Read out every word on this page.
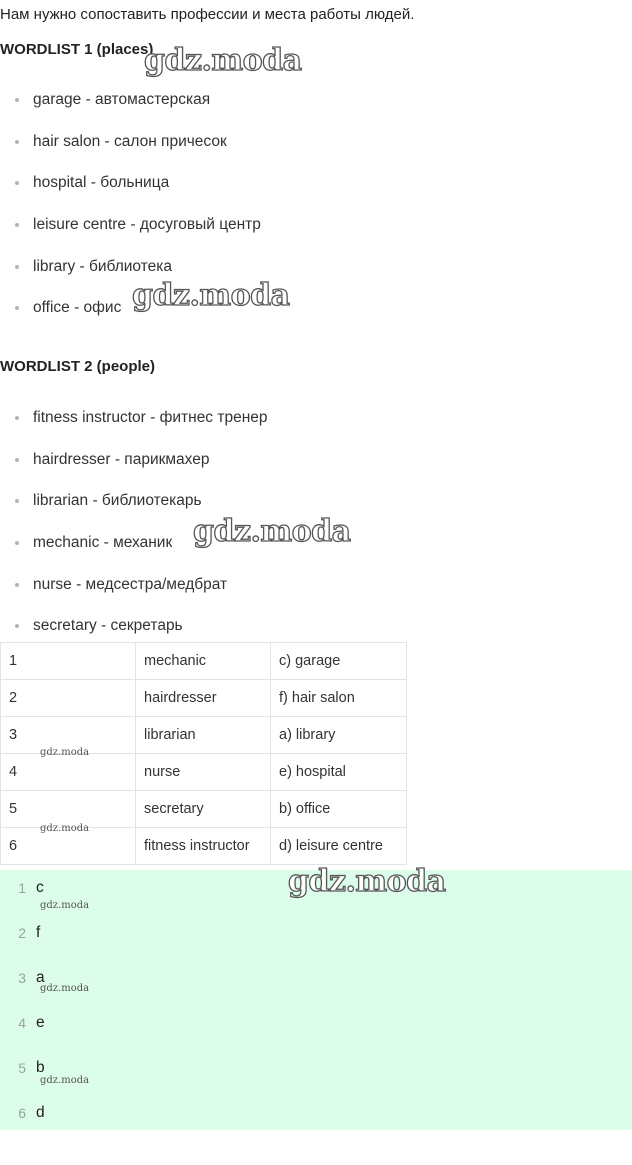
Нам нужно сопоставить профессии и места работы людей.
WORDLIST 1 (places)
garage - автомастерская
hair salon - салон причесок
hospital - больница
leisure centre - досуговый центр
library - библиотека
office - офис
WORDLIST 2 (people)
fitness instructor - фитнес тренер
hairdresser - парикмахер
librarian - библиотекарь
mechanic - механик
nurse - медсестра/медбрат
secretary - секретарь
1	mechanic	c) garage
2	hairdresser	f) hair salon
3	librarian	a) library
4	nurse	e) hospital
5	secretary	b) office
6	fitness instructor	d) leisure centre
1 c
2 f
3 a
4 e
5 b
6 d
gdz.moda
gdz.moda
gdz.moda
gdz.moda
gdz.moda
gdz.moda
gdz.moda
gdz.moda
gdz.moda
